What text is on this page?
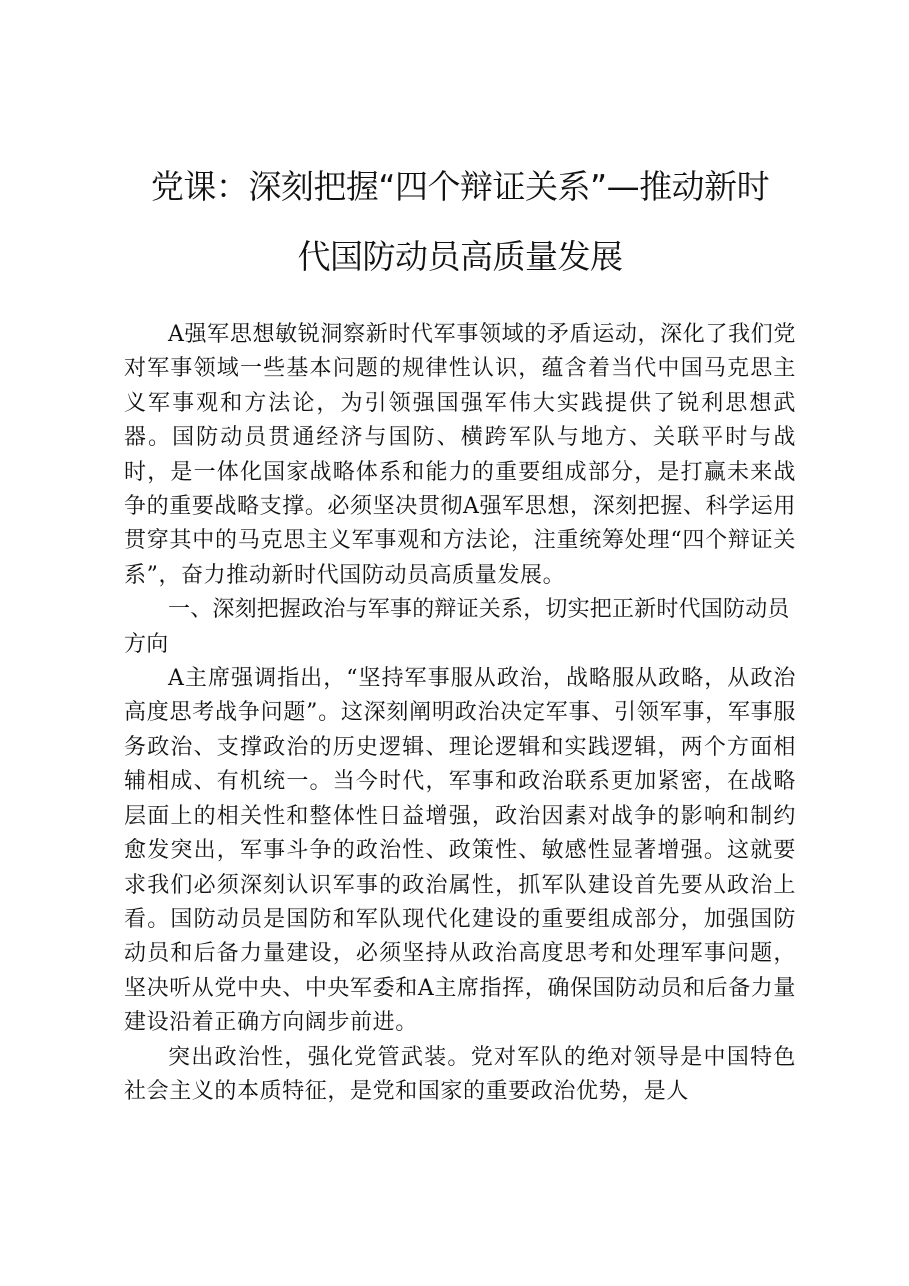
党课：深刻把握“四个辩证关系”—推动新时
代国防动员高质量发展

A强军思想敏锐洞察新时代军事领域的矛盾运动，深化了我们党对军事领域一些基本问题的规律性认识，蕴含着当代中国马克思主义军事观和方法论，为引领强国强军伟大实践提供了锐利思想武器。国防动员贯通经济与国防、横跨军队与地方、关联平时与战时，是一体化国家战略体系和能力的重要组成部分，是打赢未来战争的重要战略支撑。必须坚决贯彻A强军思想，深刻把握、科学运用贯穿其中的马克思主义军事观和方法论，注重统筹处理“四个辩证关系”，奋力推动新时代国防动员高质量发展。

一、深刻把握政治与军事的辩证关系，切实把正新时代国防动员方向

A主席强调指出，“坚持军事服从政治，战略服从政略，从政治高度思考战争问题”。这深刻阐明政治决定军事、引领军事，军事服务政治、支撑政治的历史逻辑、理论逻辑和实践逻辑，两个方面相辅相成、有机统一。当今时代，军事和政治联系更加紧密，在战略层面上的相关性和整体性日益增强，政治因素对战争的影响和制约愈发突出，军事斗争的政治性、政策性、敏感性显著增强。这就要求我们必须深刻认识军事的政治属性，抓军队建设首先要从政治上看。国防动员是国防和军队现代化建设的重要组成部分，加强国防动员和后备力量建设，必须坚持从政治高度思考和处理军事问题，坚决听从党中央、中央军委和A主席指挥，确保国防动员和后备力量建设沿着正确方向阔步前进。

突出政治性，强化党管武装。党对军队的绝对领导是中国特色社会主义的本质特征，是党和国家的重要政治优势，是人
